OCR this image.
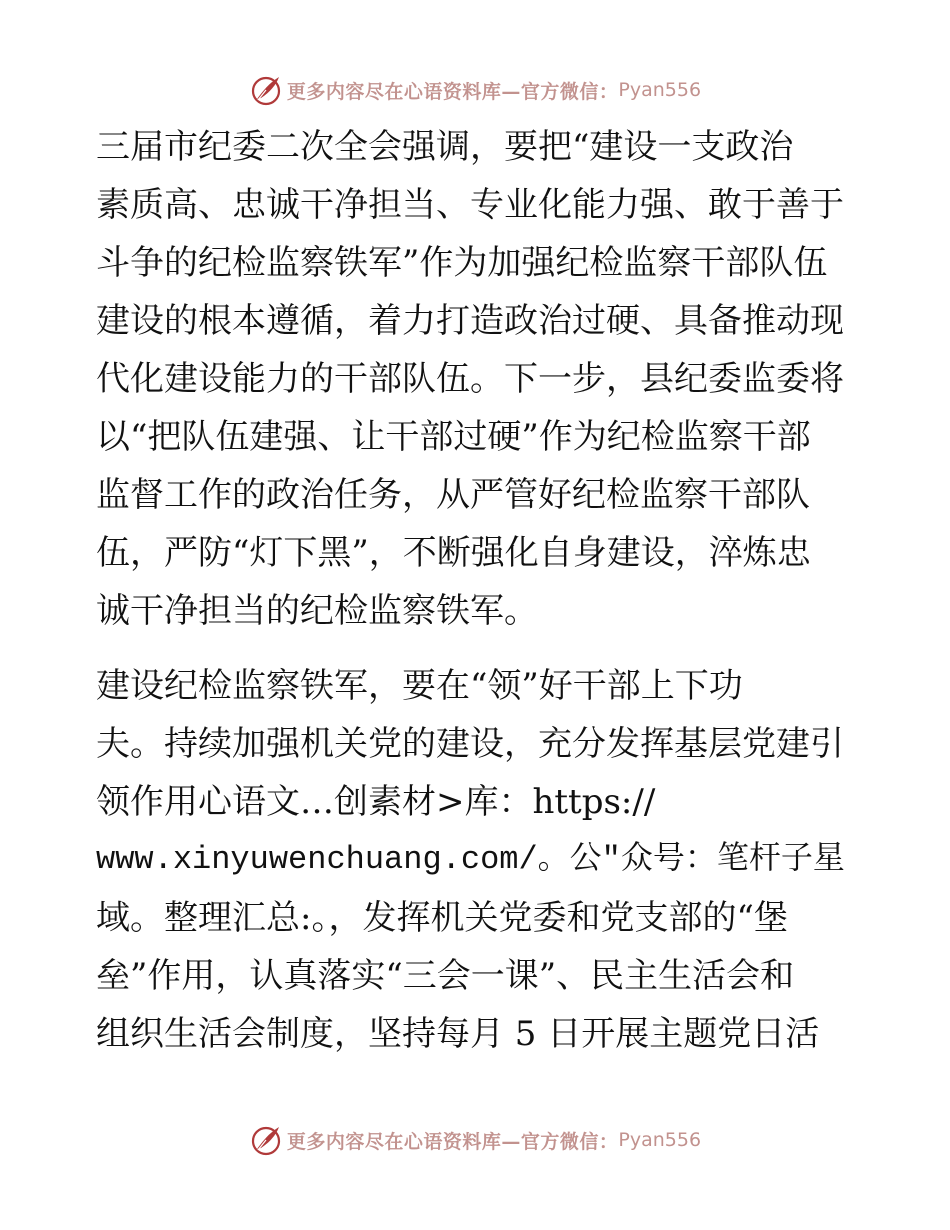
更多内容尽在心语资料库—官方微信： Pyan556
三届市纪委二次全会强调，要把“建设一支政治
素质高、忠诚干净担当、专业化能力强、敢于善于
斗争的纪检监察铁军”作为加强纪检监察干部队伍
建设的根本遵循，着力打造政治过硬、具备推动现
代化建设能力的干部队伍。下一步，县纪委监委将
以“把队伍建强、让干部过硬”作为纪检监察干部
监督工作的政治任务，从严管好纪检监察干部队
伍，严防“灯下黑”，不断强化自身建设，淬炼忠
诚干净担当的纪检监察铁军。
建设纪检监察铁军，要在“领”好干部上下功
夫。持续加强机关党的建设，充分发挥基层党建引
领作用心语文…创素材>库：https://
www.xinyuwenchuang.com/。公"众号：笔杆子星
域。整理汇总:。，发挥机关党委和党支部的“堡
垒”作用，认真落实“三会一课”、民主生活会和
组织生活会制度，坚持每月 5 日开展主题党日活
更多内容尽在心语资料库—官方微信： Pyan556
